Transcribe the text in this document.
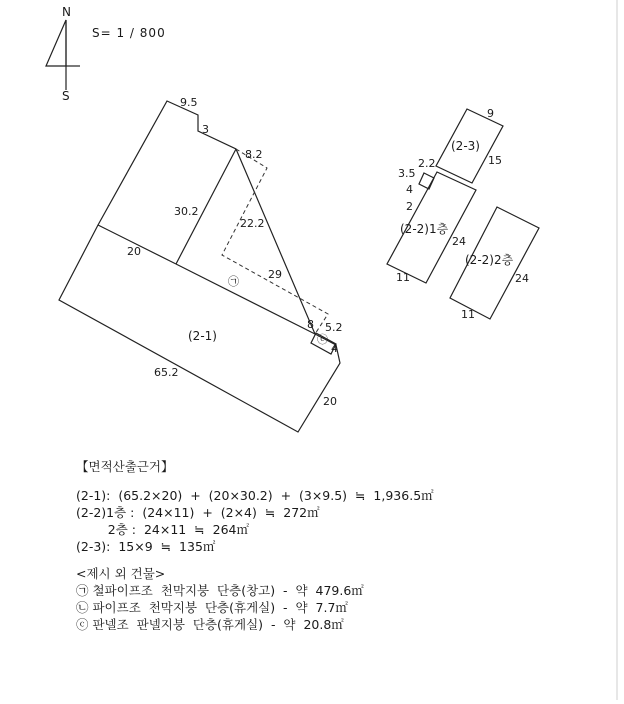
N
S
S= 1 / 800
(2-1)
㉠
ⓒ
(2-2)1층
(2-2)2층
(2-3)
9.5
3
8.2
30.2
22.2
20
29
8 5.2
4
65.2
20
9
15
3.5
2.2
4
2
24
11	24
11
【면적산출근거】
(2-1):  (65.2×20)  +  (20×30.2)  +  (3×9.5)  ≒  1,936.5㎡
(2-2)1층 :  (24×11)  +  (2×4)  ≒  272㎡
2층 :  24×11  ≒  264㎡
(2-3):  15×9  ≒  135㎡
<제시 외 건물>
㉠ 철파이프조  천막지붕  단층(창고)  -  약  479.6㎡
㉡ 파이프조  천막지붕  단층(휴게실)  -  약  7.7㎡
ⓒ 판넬조  판넬지붕  단층(휴게실)  -  약  20.8㎡
